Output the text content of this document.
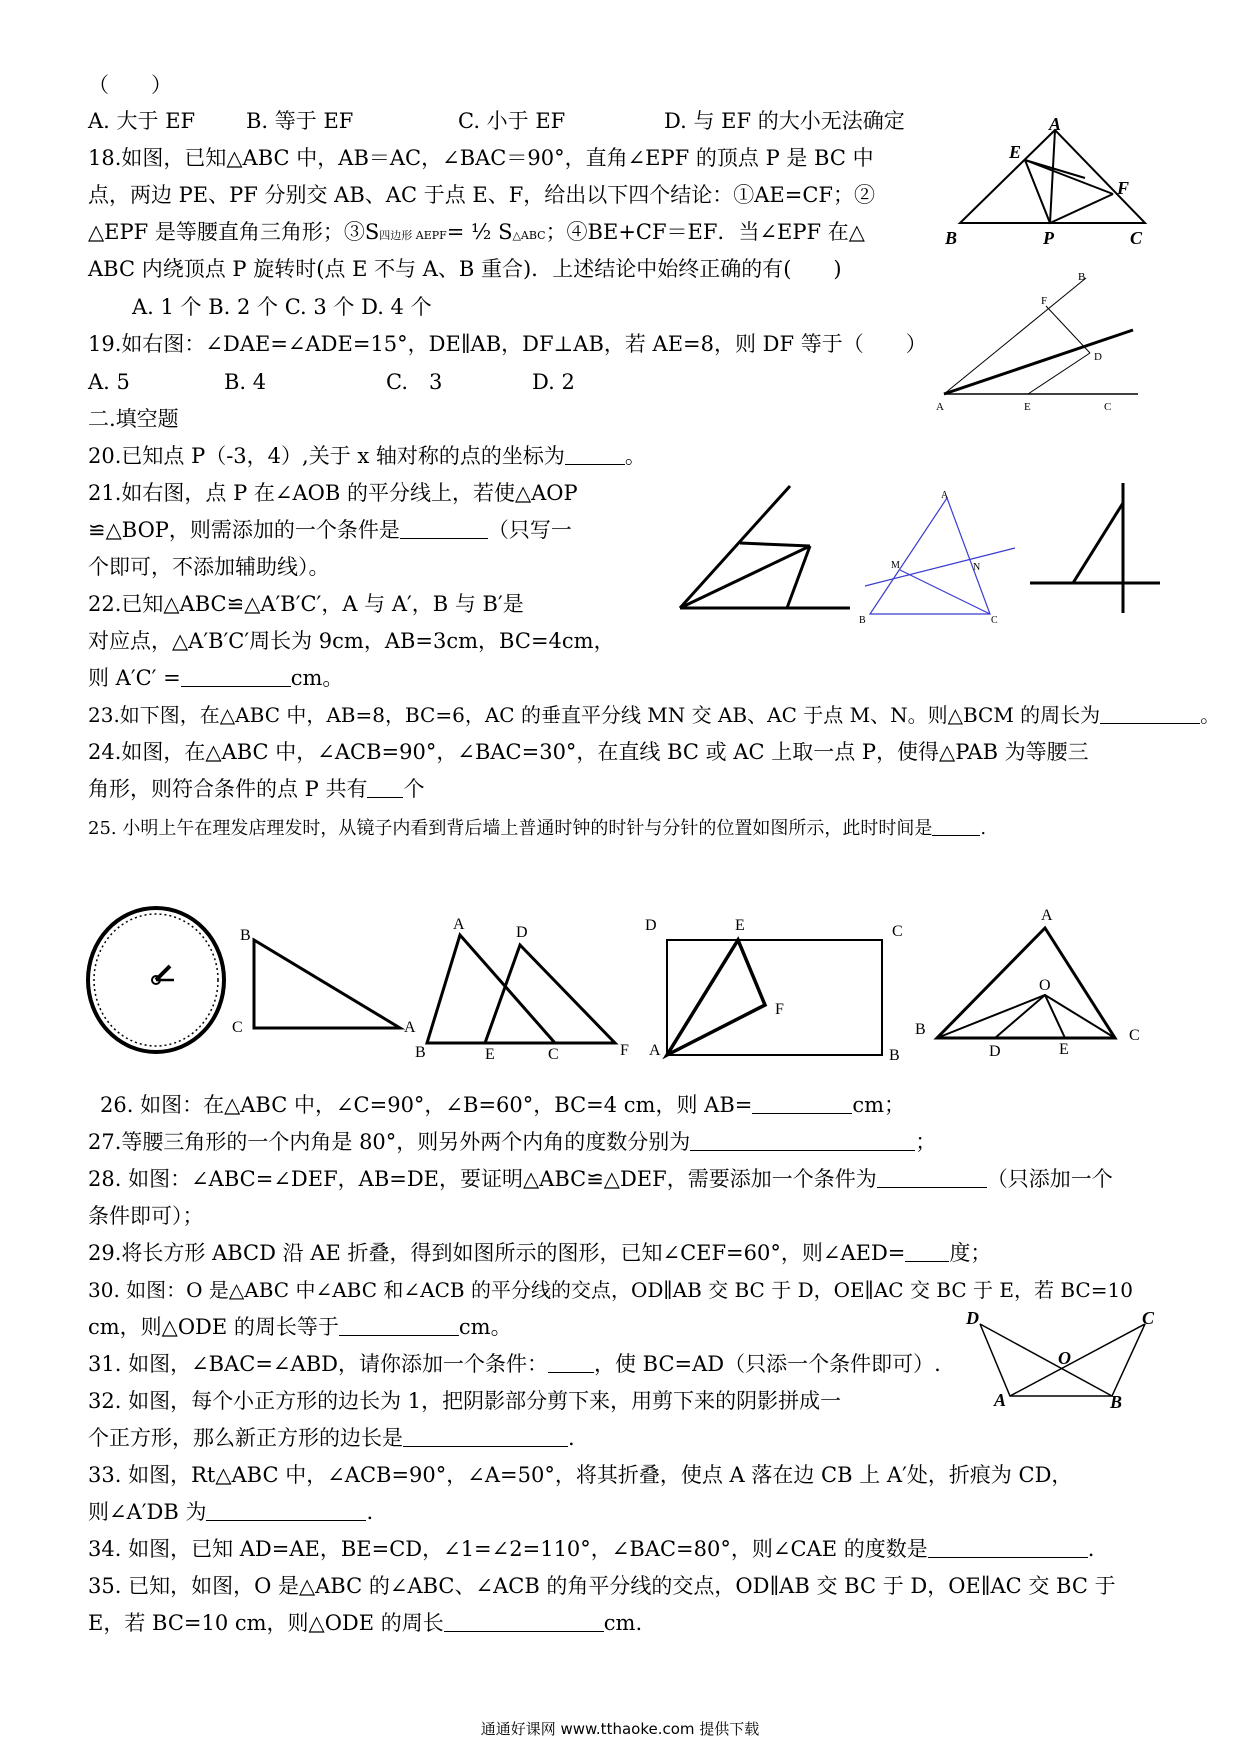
（　　）
A. 大于 EF B. 等于 EF	C. 小于 EF	D. 与 EF 的大小无法确定
18.如图，已知△ABC 中，AB＝AC，∠BAC＝90°，直角∠EPF 的顶点 P 是 BC 中
点，两边 PE、PF 分别交 AB、AC 于点 E、F，给出以下四个结论：①AE=CF；②
△EPF 是等腰直角三角形；③S四边形 AEPF= ½ S△ABC；④BE+CF＝EF．当∠EPF 在△
ABC 内绕顶点 P 旋转时(点 E 不与 A、B 重合)．上述结论中始终正确的有(　　)
A. 1 个 B. 2 个 C. 3 个 D. 4 个
A
B	C
E
F
P
19.如右图：∠DAE=∠ADE=15°，DE∥AB，DF⊥AB，若 AE=8，则 DF 等于（　　）
A. 5	B. 4	C.　3	D. 2
A
B
C
D
E
F
二.填空题
20.已知点 P（-3，4）,关于 x 轴对称的点的坐标为	。
21.如右图，点 P 在∠AOB 的平分线上，若使△AOP
≌△BOP，则需添加的一个条件是	（只写一
个即可，不添加辅助线）。
A
B	C
M	N
22.已知△ABC≌△A′B′C′，A 与 A′，B 与 B′是
对应点，△A′B′C′周长为 9cm，AB=3cm，BC=4cm，
则 A′C′ =	cm。
23.如下图，在△ABC 中，AB=8，BC=6，AC 的垂直平分线 MN 交 AB、AC 于点 M、N。则△BCM 的周长为	。
24.如图，在△ABC 中，∠ACB=90°，∠BAC=30°，在直线 BC 或 AC 上取一点 P，使得△PAB 为等腰三
角形，则符合条件的点 P 共有 个
25. 小明上午在理发店理发时，从镜子内看到背后墙上普通时钟的时针与分针的位置如图所示，此时时间是	.
B
C	A
A
B	C
D
E	F
D	E	C
F
A	B
A
B	C
D	E
O
26. 如图：在△ABC 中，∠C=90°，∠B=60°，BC=4 cm，则 AB=	cm；
27.等腰三角形的一个内角是 80°，则另外两个内角的度数分别为	；
28. 如图：∠ABC=∠DEF，AB=DE，要证明△ABC≌△DEF，需要添加一个条件为	（只添加一个
条件即可）；
29.将长方形 ABCD 沿 AE 折叠，得到如图所示的图形，已知∠CEF=60°，则∠AED= 度；
30. 如图：O 是△ABC 中∠ABC 和∠ACB 的平分线的交点，OD∥AB 交 BC 于 D，OE∥AC 交 BC 于 E，若 BC=10
cm，则△ODE 的周长等于	cm。	D	C
O
A	B
31. 如图，∠BAC=∠ABD，请你添加一个条件： ，使 BC=AD（只添一个条件即可）.
32. 如图，每个小正方形的边长为 1，把阴影部分剪下来，用剪下来的阴影拼成一
个正方形，那么新正方形的边长是	.
33. 如图，Rt△ABC 中，∠ACB=90°，∠A=50°，将其折叠，使点 A 落在边 CB 上 A′处，折痕为 CD，
则∠A′DB 为	.
34. 如图，已知 AD=AE，BE=CD，∠1=∠2=110°，∠BAC=80°，则∠CAE 的度数是	.
35. 已知，如图，O 是△ABC 的∠ABC、∠ACB 的角平分线的交点，OD∥AB 交 BC 于 D，OE∥AC 交 BC 于
E，若 BC=10 cm，则△ODE 的周长	cm.
通通好课网 www.tthaoke.com 提供下载
